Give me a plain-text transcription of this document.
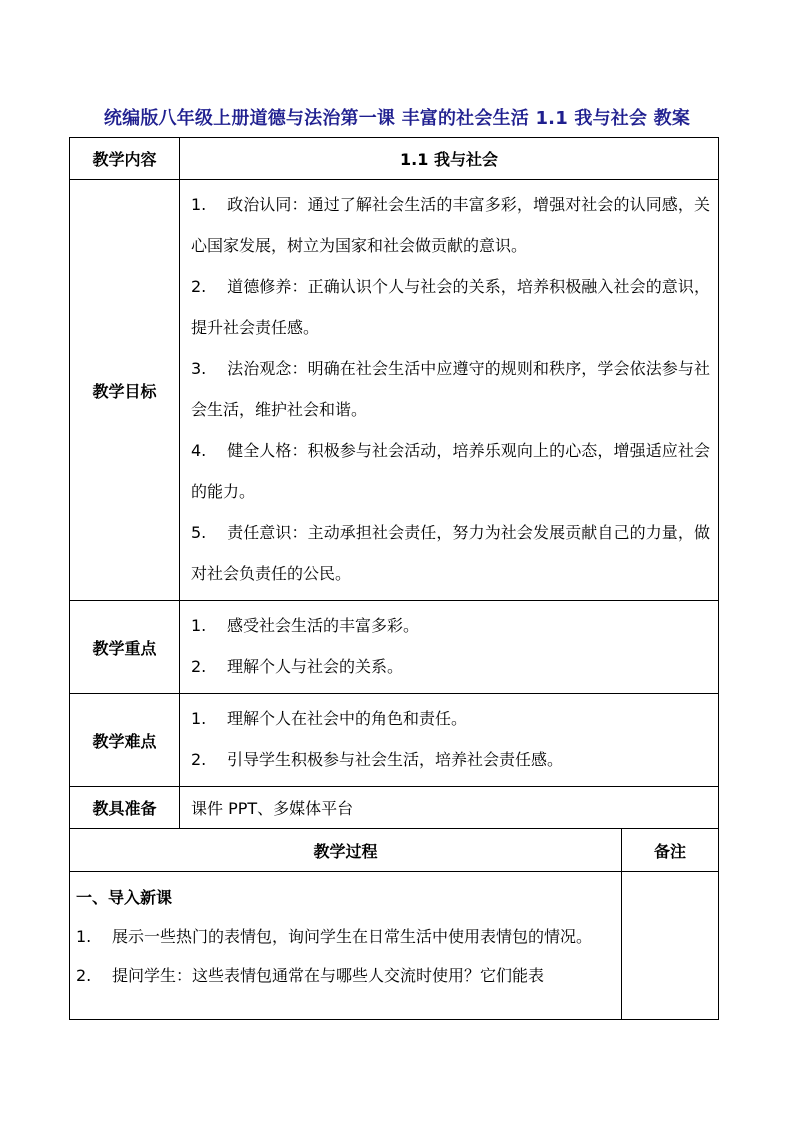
统编版八年级上册道德与法治第一课 丰富的社会生活 1.1 我与社会 教案
教学内容	1.1 我与社会	
教学目标	1. 政治认同：通过了解社会生活的丰富多彩，增强对社会的认同感，关心国家发展，树立为国家和社会做贡献的意识。

2. 道德修养：正确认识个人与社会的关系，培养积极融入社会的意识，提升社会责任感。

3. 法治观念：明确在社会生活中应遵守的规则和秩序，学会依法参与社会生活，维护社会和谐。

4. 健全人格：积极参与社会活动，培养乐观向上的心态，增强适应社会的能力。

5. 责任意识：主动承担社会责任，努力为社会发展贡献自己的力量，做对社会负责任的公民。	

教学重点	1. 感受社会生活的丰富多彩。

2. 理解个人与社会的关系。	

教学难点	1. 理解个人在社会中的角色和责任。

2. 引导学生积极参与社会生活，培养社会责任感。	

教具准备	课件 PPT、多媒体平台	
教学过程		备注

一、导入新课

1. 展示一些热门的表情包，询问学生在日常生活中使用表情包的情况。

2. 提问学生：这些表情包通常在与哪些人交流时使用？它们能表		
